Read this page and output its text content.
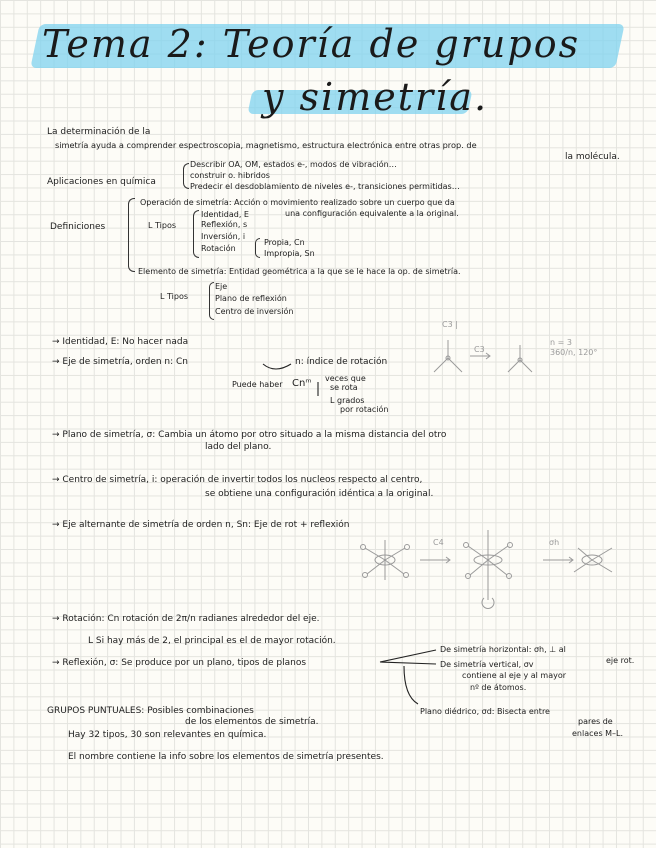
Tema 2: Teoría de grupos
y simetría.
La determinación de la
simetría ayuda a comprender espectroscopia, magnetismo, estructura electrónica entre otras prop. de
la molécula.
Aplicaciones en química
Describir OA, OM, estados e-, modos de vibración…
construir o. hibridos
Predecir el desdoblamiento de niveles e-, transiciones permitidas…
Definiciones
Operación de simetría: Acción o movimiento realizado sobre un cuerpo que da
una configuración equivalente a la original.
L Tipos
Identidad, E
Reflexión, s
Inversión, i
Rotación
Propia, Cn
Impropia, Sn
Elemento de simetría: Entidad geométrica a la que se le hace la op. de simetría.
L Tipos
Eje
Plano de reflexión
Centro de inversión
→ Identidad, E: No hacer nada
→ Eje de simetría, orden n: Cn	n: índice de rotación
Puede haber Cnᵐ veces que
se rota
L grados
por rotación
→ Plano de simetría, σ: Cambia un átomo por otro situado a la misma distancia del otro
lado del plano.
→ Centro de simetría, i: operación de invertir todos los nucleos respecto al centro,
se obtiene una configuración idéntica a la original.
→ Eje alternante de simetría de orden n, Sn: Eje de rot + reflexión
→ Rotación: Cn rotación de 2π/n radianes alrededor del eje.
L Si hay más de 2, el principal es el de mayor rotación.
→ Reflexión, σ: Se produce por un plano, tipos de planos
De simetría horizontal: σh, ⊥ al
eje rot.
De simetría vertical, σv
contiene al eje y al mayor
nº de átomos.
Plano diédrico, σd: Bisecta entre
pares de
enlaces M–L.
GRUPOS PUNTUALES: Posibles combinaciones
de los elementos de simetría.
Hay 32 tipos, 30 son relevantes en química.
El nombre contiene la info sobre los elementos de simetría presentes.
C3 |
C3
n = 3
360/n, 120°
C4	σh
